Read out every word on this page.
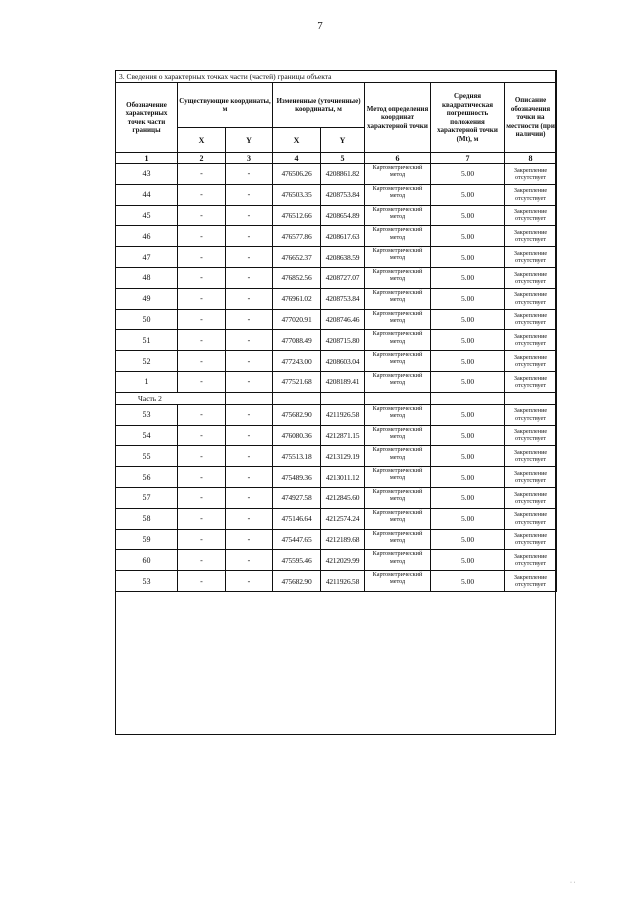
7
3. Сведения о характерных точках части (частей) границы объекта							
Обозначение характерных точек части границы	Существующие координаты, м		Измененные (уточненные) координаты, м		Метод определения координат характерной точки	Средняя квадратическая погрешность положения характерной точки (Mt), м	Описание обозначения точки на местности (при наличии)
	X	Y	X	Y			
1	2	3	4	5	6	7	8
43	-	-	476506.26	4208861.82	Картометрический метод	5.00	Закрепление отсутствует
44	-	-	476503.35	4208753.84	Картометрический метод	5.00	Закрепление отсутствует
45	-	-	476512.66	4208654.89	Картометрический метод	5.00	Закрепление отсутствует
46	-	-	476577.86	4208617.63	Картометрический метод	5.00	Закрепление отсутствует
47	-	-	476652.37	4208638.59	Картометрический метод	5.00	Закрепление отсутствует
48	-	-	476852.56	4208727.07	Картометрический метод	5.00	Закрепление отсутствует
49	-	-	476961.02	4208753.84	Картометрический метод	5.00	Закрепление отсутствует
50	-	-	477020.91	4208746.46	Картометрический метод	5.00	Закрепление отсутствует
51	-	-	477088.49	4208715.80	Картометрический метод	5.00	Закрепление отсутствует
52	-	-	477243.00	4208603.04	Картометрический метод	5.00	Закрепление отсутствует
1	-	-	477521.68	4208189.41	Картометрический метод	5.00	Закрепление отсутствует
Часть 2							
53	-	-	475682.90	4211926.58	Картометрический метод	5.00	Закрепление отсутствует
54	-	-	476080.36	4212871.15	Картометрический метод	5.00	Закрепление отсутствует
55	-	-	475513.18	4213129.19	Картометрический метод	5.00	Закрепление отсутствует
56	-	-	475489.36	4213011.12	Картометрический метод	5.00	Закрепление отсутствует
57	-	-	474927.58	4212845.60	Картометрический метод	5.00	Закрепление отсутствует
58	-	-	475146.64	4212574.24	Картометрический метод	5.00	Закрепление отсутствует
59	-	-	475447.65	4212189.68	Картометрический метод	5.00	Закрепление отсутствует
60	-	-	475595.46	4212029.99	Картометрический метод	5.00	Закрепление отсутствует
53	-	-	475682.90	4211926.58	Картометрический метод	5.00	Закрепление отсутствует
· ·
